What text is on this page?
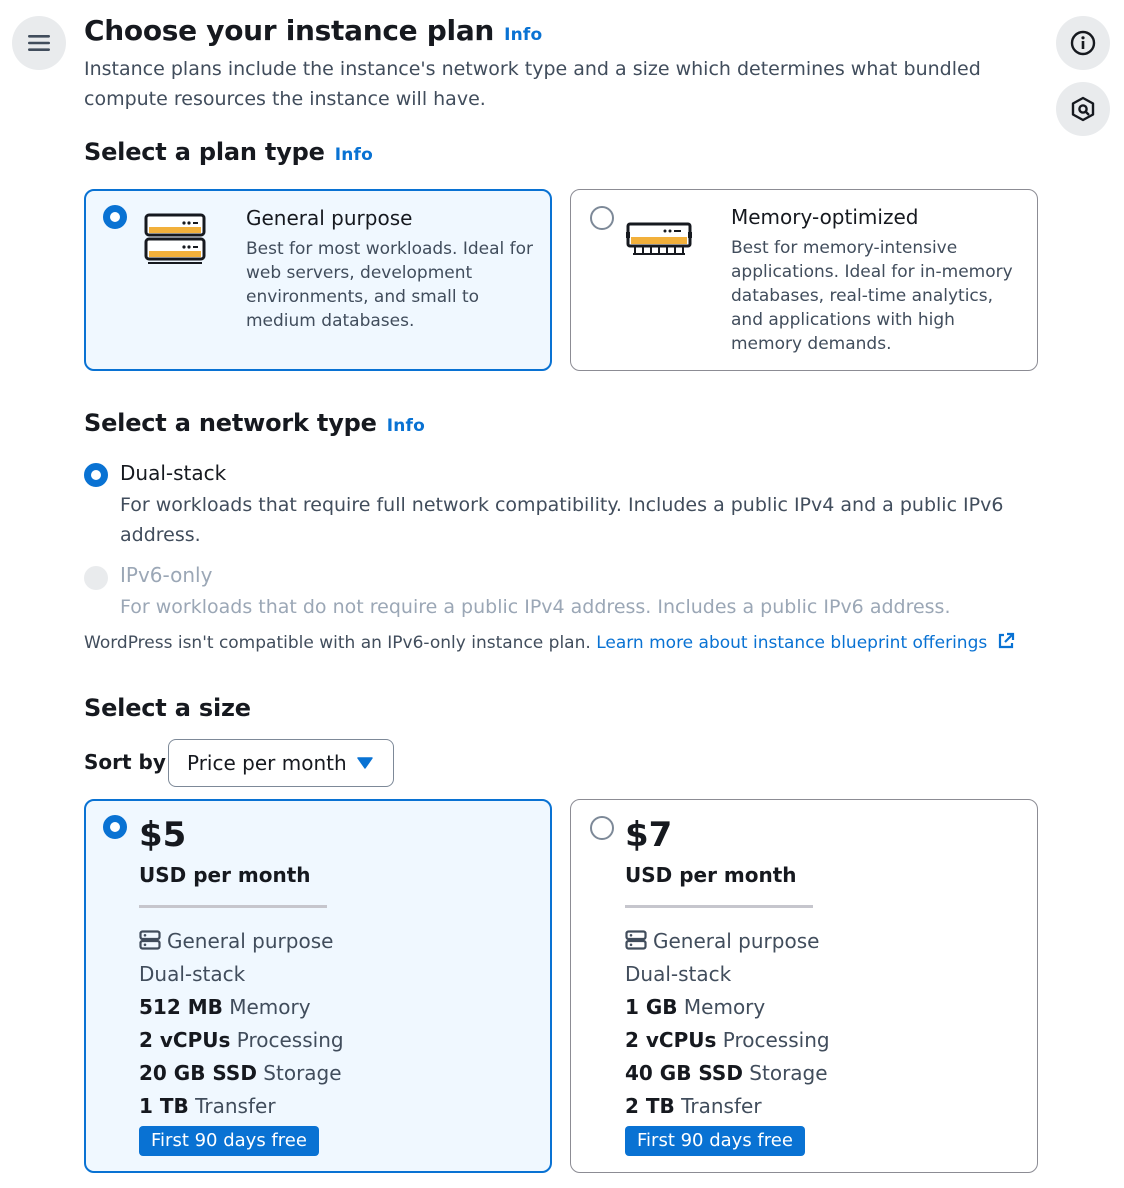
Choose your instance plan Info
Instance plans include the instance's network type and a size which determines what bundled compute resources the instance will have.
Select a plan type Info
General purpose
Best for most workloads. Ideal for web servers, development environments, and small to medium databases.
Memory-optimized
Best for memory-intensive applications. Ideal for in-memory databases, real-time analytics, and applications with high memory demands.
Select a network type Info
Dual-stack
For workloads that require full network compatibility. Includes a public IPv4 and a public IPv6 address.
IPv6-only
For workloads that do not require a public IPv4 address. Includes a public IPv6 address.
WordPress isn't compatible with an IPv6-only instance plan. Learn more about instance blueprint offerings
Select a size
Sort by Price per month
$5
USD per month
General purpose
Dual-stack
512 MB Memory
2 vCPUs Processing
20 GB SSD Storage
1 TB Transfer
First 90 days free
$7
USD per month
General purpose
Dual-stack
1 GB Memory
2 vCPUs Processing
40 GB SSD Storage
2 TB Transfer
First 90 days free
